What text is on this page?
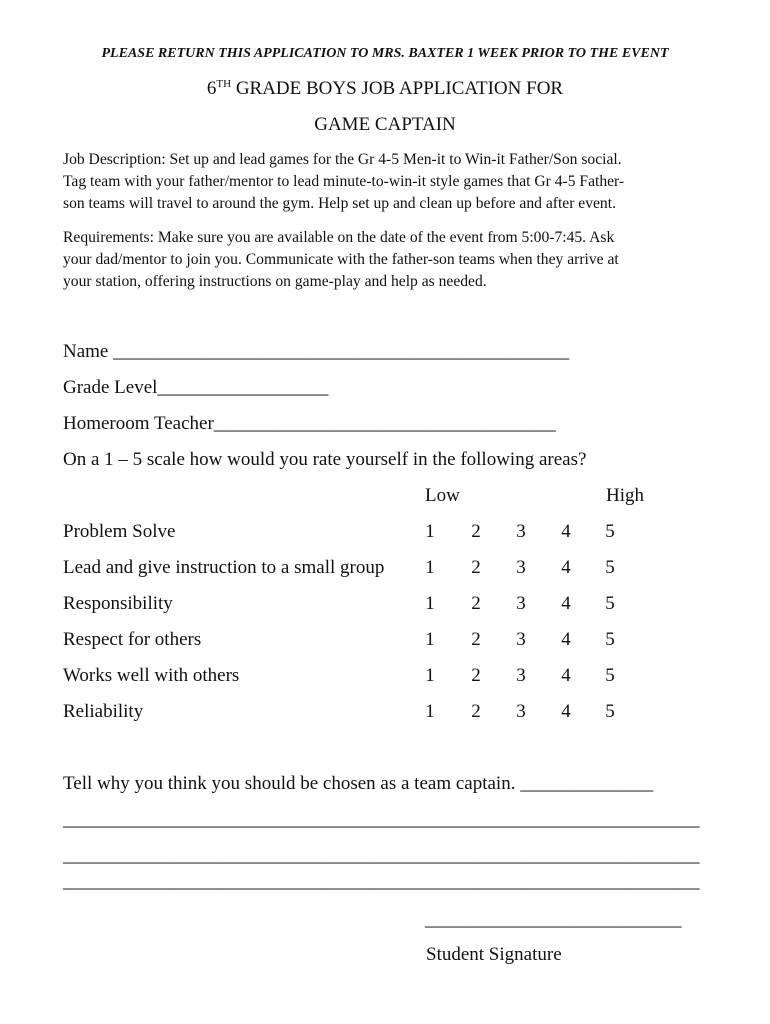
PLEASE RETURN THIS APPLICATION TO MRS. BAXTER 1 WEEK PRIOR TO THE EVENT
6TH GRADE BOYS JOB APPLICATION FOR
GAME CAPTAIN
Job Description: Set up and lead games for the Gr 4-5 Men-it to Win-it Father/Son social.
Tag team with your father/mentor to lead minute-to-win-it style games that Gr 4-5 Father-
son teams will travel to around the gym. Help set up and clean up before and after event.
Requirements: Make sure you are available on the date of the event from 5:00-7:45. Ask
your dad/mentor to join you. Communicate with the father-son teams when they arrive at
your station, offering instructions on game-play and help as needed.
Name ________________________________________________
Grade Level__________________
Homeroom Teacher____________________________________
On a 1 – 5 scale how would you rate yourself in the following areas?
Low	High
Problem Solve	1 2 3 4 5
Lead and give instruction to a small group 1 2 3 4 5
Responsibility	1 2 3 4 5
Respect for others	1 2 3 4 5
Works well with others	1 2 3 4 5
Reliability	1 2 3 4 5
Tell why you think you should be chosen as a team captain. ______________
___________________________________________________________________
___________________________________________________________________
___________________________________________________________________
___________________________
Student Signature
